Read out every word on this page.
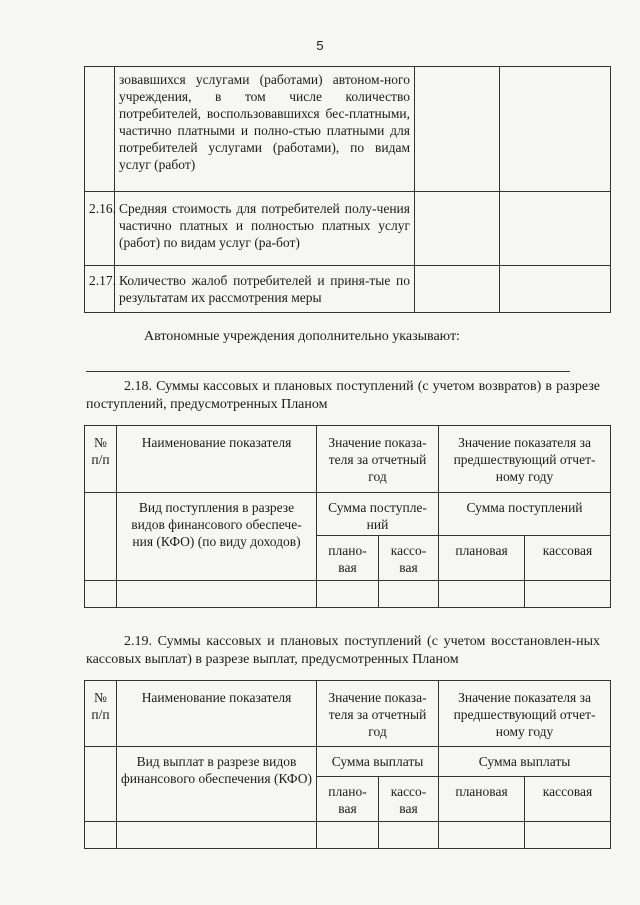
5
	зовавшихся услугами (работами) автоном-ного учреждения, в том числе количество потребителей, воспользовавшихся бес-платными, частично платными и полно-стью платными для потребителей услугами (работами), по видам услуг (работ)		
2.16.	Средняя стоимость для потребителей полу-чения частично платных и полностью платных услуг (работ) по видам услуг (ра-бот)		
2.17.	Количество жалоб потребителей и приня-тые по результатам их рассмотрения меры		
Автономные учреждения дополнительно указывают:
2.18. Суммы кассовых и плановых поступлений (с учетом возвратов) в разрезе поступлений, предусмотренных Планом
№ п/п	Наименование показателя	Значение показа-теля за отчетный год		Значение показателя за предшествующий отчет-ному году	
	Вид поступления в разрезе видов финансового обеспече-ния (КФО) (по виду доходов)	Сумма поступле-ний		Сумма поступлений	
		плано-вая	кассо-вая	плановая	кассовая

2.19. Суммы кассовых и плановых поступлений (с учетом восстановлен-ных кассовых выплат) в разрезе выплат, предусмотренных Планом
№ п/п	Наименование показателя	Значение показа-теля за отчетный год		Значение показателя за предшествующий отчет-ному году	
	Вид выплат в разрезе видов финансового обеспечения (КФО)	Сумма выплаты		Сумма выплаты	
		плано-вая	кассо-вая	плановая	кассовая
